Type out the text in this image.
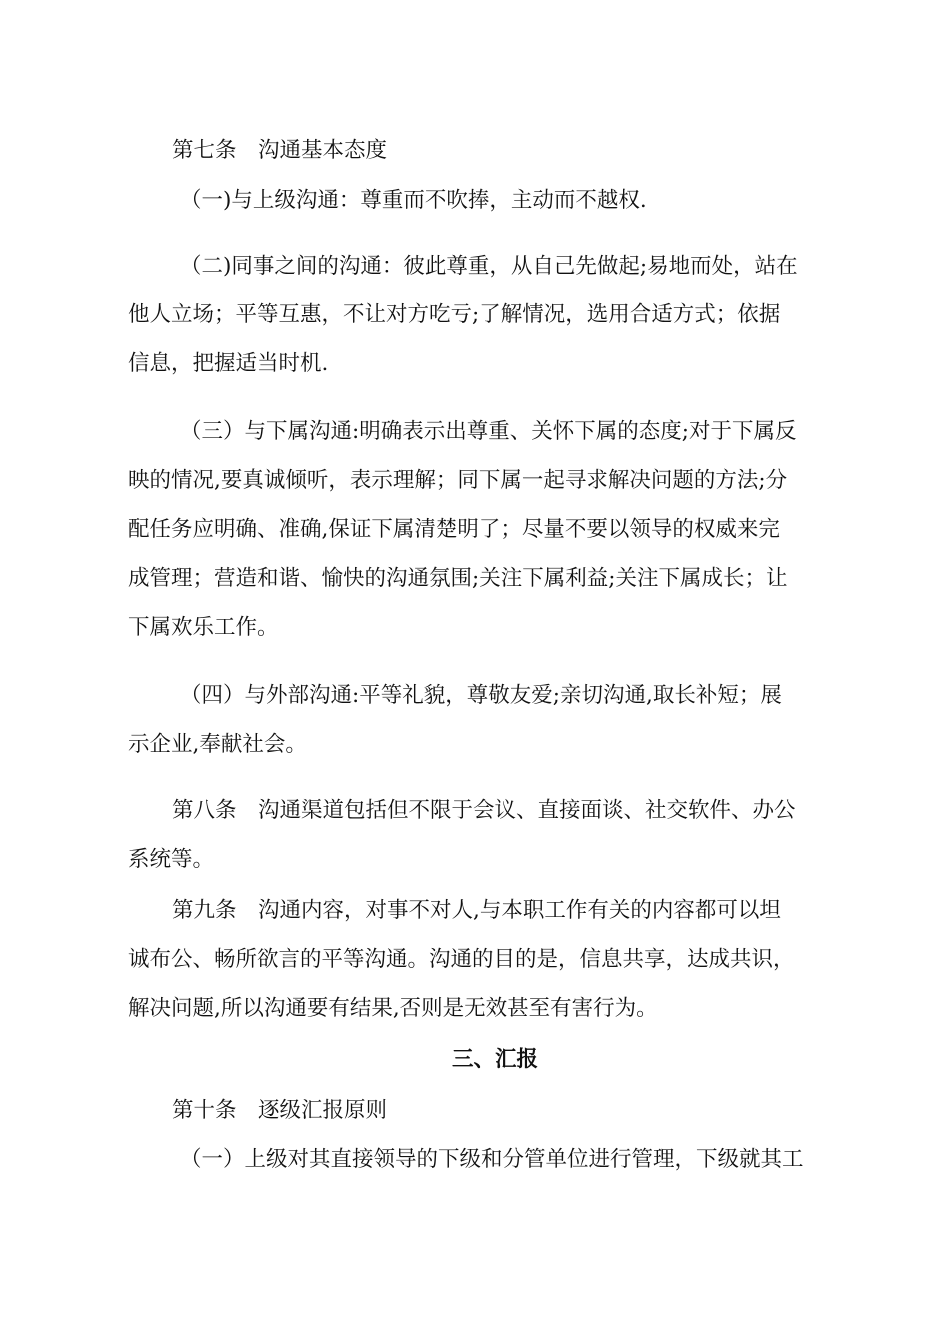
第七条　沟通基本态度
（一)与上级沟通：尊重而不吹捧，主动而不越权.
（二)同事之间的沟通：彼此尊重，从自己先做起;易地而处，站在
他人立场；平等互惠，不让对方吃亏;了解情况，选用合适方式；依据
信息，把握适当时机.
（三）与下属沟通:明确表示出尊重、关怀下属的态度;对于下属反
映的情况,要真诚倾听，表示理解；同下属一起寻求解决问题的方法;分
配任务应明确、准确,保证下属清楚明了；尽量不要以领导的权威来完
成管理；营造和谐、愉快的沟通氛围;关注下属利益;关注下属成长；让
下属欢乐工作。
（四）与外部沟通:平等礼貌，尊敬友爱;亲切沟通,取长补短；展
示企业,奉献社会。
第八条　沟通渠道包括但不限于会议、直接面谈、社交软件、办公
系统等。
第九条　沟通内容，对事不对人,与本职工作有关的内容都可以坦
诚布公、畅所欲言的平等沟通。沟通的目的是，信息共享，达成共识，
解决问题,所以沟通要有结果,否则是无效甚至有害行为。
三、汇报
第十条　逐级汇报原则
（一）上级对其直接领导的下级和分管单位进行管理，下级就其工
